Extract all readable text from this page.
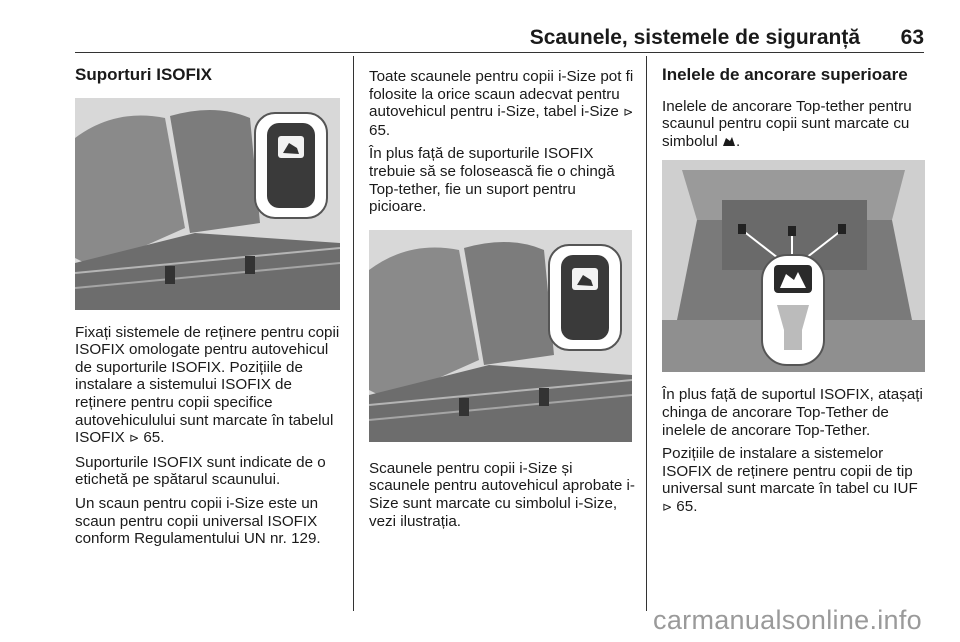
Scaunele, sistemele de siguranță 63
Suporturi ISOFIX

Fixați sistemele de reținere pentru copii ISOFIX omologate pentru autovehicul de suporturile ISOFIX. Pozițiile de instalare a sistemului ISOFIX de reținere pentru copii specifice autovehiculului sunt marcate în tabelul ISOFIX ⊳ 65.

Suporturile ISOFIX sunt indicate de o etichetă pe spătarul scaunului.

Un scaun pentru copii i-Size este un scaun pentru copii universal ISOFIX conform Regulamentului UN nr. 129.

Toate scaunele pentru copii i-Size pot fi folosite la orice scaun adecvat pentru autovehicul pentru i-Size, tabel i-Size ⊳ 65.

În plus față de suporturile ISOFIX trebuie să se folosească fie o chingă Top-tether, fie un suport pentru picioare.

Scaunele pentru copii i-Size și scaunele pentru autovehicul aprobate i-Size sunt marcate cu simbolul i-Size, vezi ilustrația.

Inelele de ancorare superioare

Inelele de ancorare Top-tether pentru scaunul pentru copii sunt marcate cu simbolul .

În plus față de suportul ISOFIX, atașați chinga de ancorare Top-Tether de inelele de ancorare Top-Tether.

Pozițiile de instalare a sistemelor ISOFIX de reținere pentru copii de tip universal sunt marcate în tabel cu IUF ⊳ 65.

carmanualsonline.info
